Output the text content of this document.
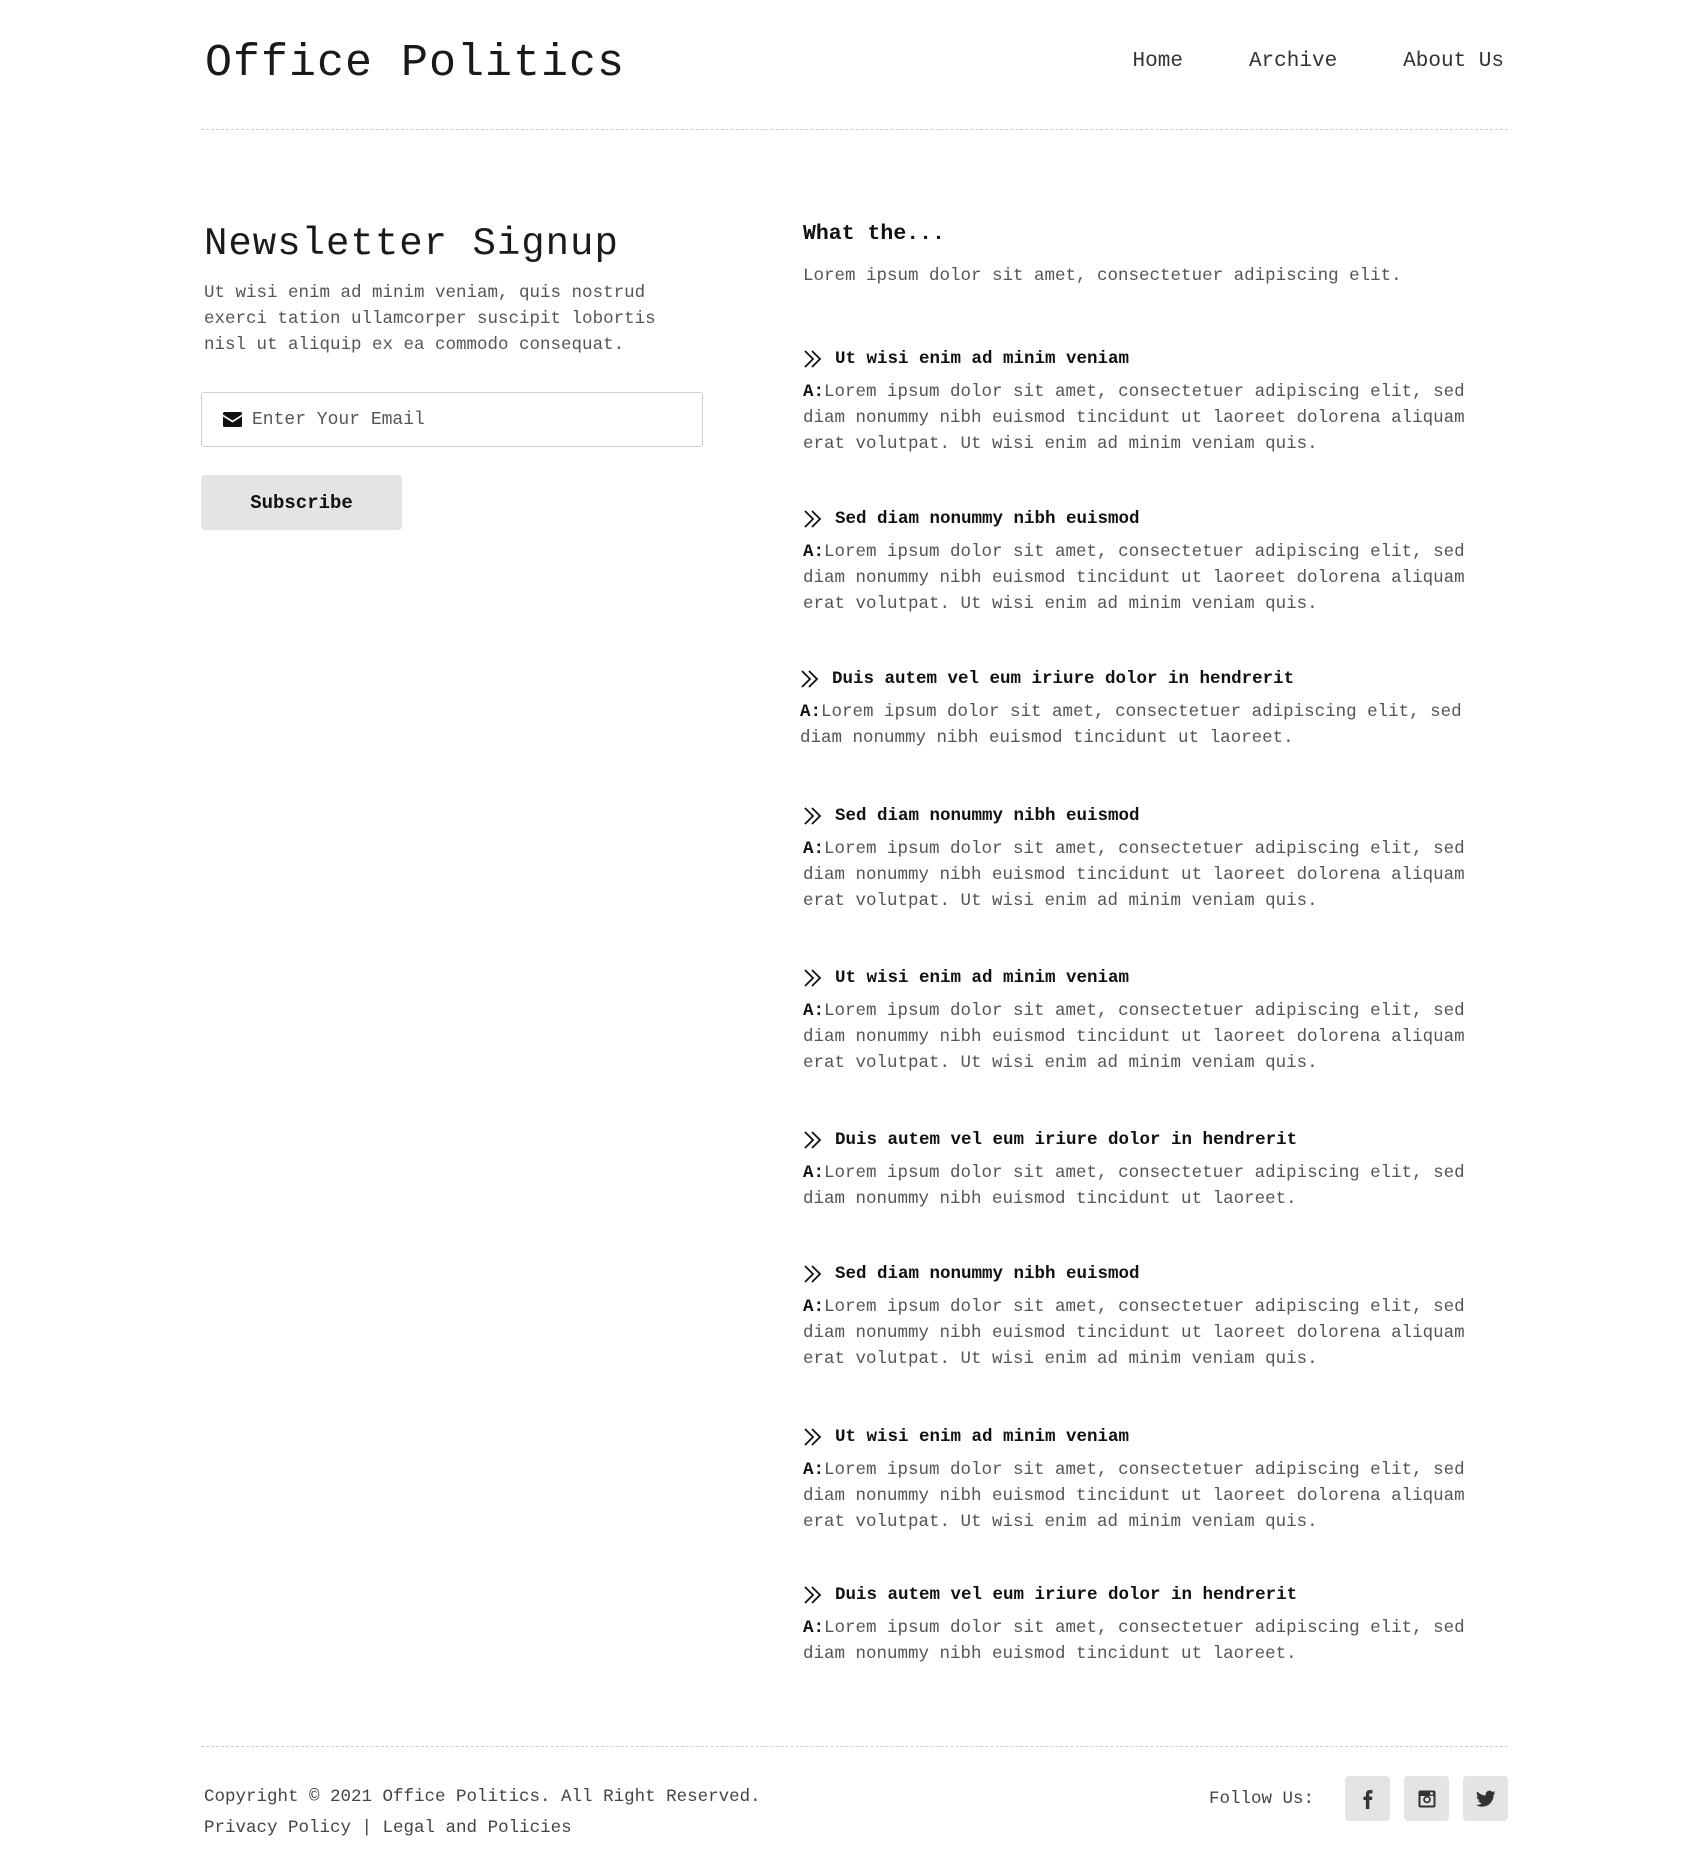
Office Politics	Home	Archive	About Us
Newsletter Signup

Ut wisi enim ad minim veniam, quis nostrud exerci tation ullamcorper suscipit lobortis nisl ut aliquip ex ea commodo consequat.

Enter Your Email
Subscribe
What the...

Lorem ipsum dolor sit amet, consectetuer adipiscing elit.

Ut wisi enim ad minim veniam

A:Lorem ipsum dolor sit amet, consectetuer adipiscing elit, sed diam nonummy nibh euismod tincidunt ut laoreet dolorena aliquam erat volutpat. Ut wisi enim ad minim veniam quis.

Sed diam nonummy nibh euismod

A:Lorem ipsum dolor sit amet, consectetuer adipiscing elit, sed diam nonummy nibh euismod tincidunt ut laoreet dolorena aliquam erat volutpat. Ut wisi enim ad minim veniam quis.

Duis autem vel eum iriure dolor in hendrerit

A:Lorem ipsum dolor sit amet, consectetuer adipiscing elit, sed diam nonummy nibh euismod tincidunt ut laoreet.

Sed diam nonummy nibh euismod

A:Lorem ipsum dolor sit amet, consectetuer adipiscing elit, sed diam nonummy nibh euismod tincidunt ut laoreet dolorena aliquam erat volutpat. Ut wisi enim ad minim veniam quis.

Ut wisi enim ad minim veniam

A:Lorem ipsum dolor sit amet, consectetuer adipiscing elit, sed diam nonummy nibh euismod tincidunt ut laoreet dolorena aliquam erat volutpat. Ut wisi enim ad minim veniam quis.

Duis autem vel eum iriure dolor in hendrerit

A:Lorem ipsum dolor sit amet, consectetuer adipiscing elit, sed diam nonummy nibh euismod tincidunt ut laoreet.

Sed diam nonummy nibh euismod

A:Lorem ipsum dolor sit amet, consectetuer adipiscing elit, sed diam nonummy nibh euismod tincidunt ut laoreet dolorena aliquam erat volutpat. Ut wisi enim ad minim veniam quis.

Ut wisi enim ad minim veniam

A:Lorem ipsum dolor sit amet, consectetuer adipiscing elit, sed diam nonummy nibh euismod tincidunt ut laoreet dolorena aliquam erat volutpat. Ut wisi enim ad minim veniam quis.

Duis autem vel eum iriure dolor in hendrerit

A:Lorem ipsum dolor sit amet, consectetuer adipiscing elit, sed diam nonummy nibh euismod tincidunt ut laoreet.

Copyright © 2021 Office Politics. All Right Reserved.
Privacy Policy | Legal and Policies
Follow Us:
